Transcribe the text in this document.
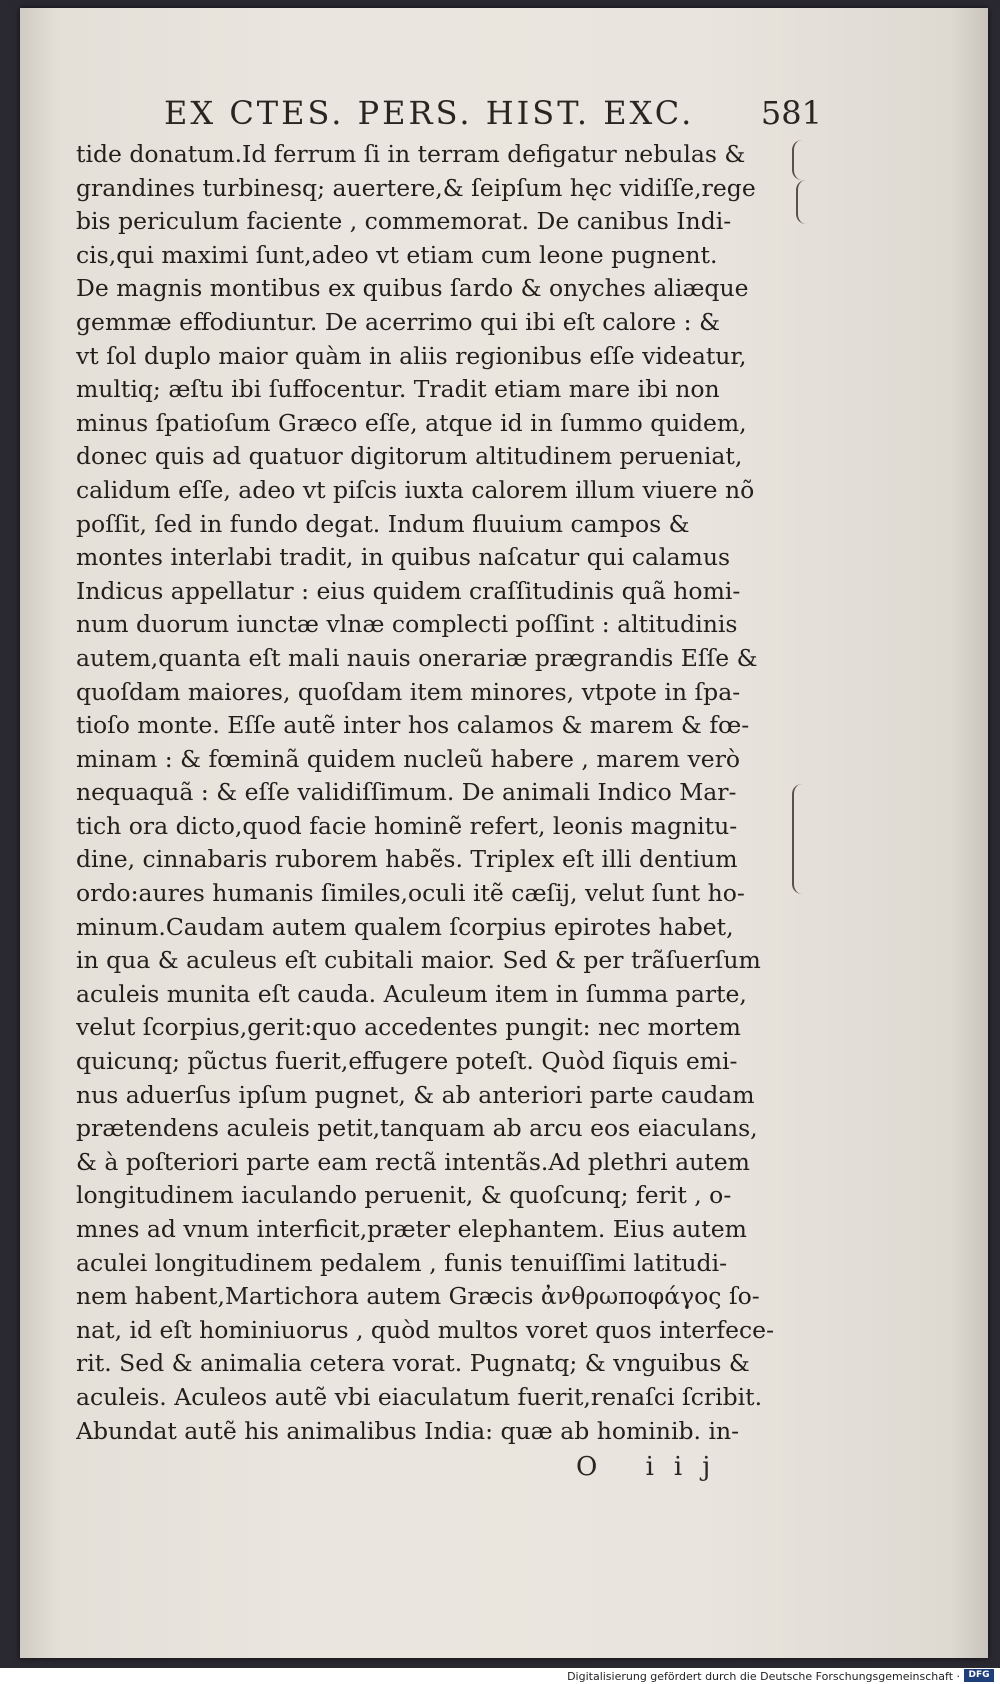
EX CTES. PERS. HIST. EXC. 581
tide donatum.Id ferrum ſi in terram defigatur nebulas &
grandines turbinesq; auertere,& ſeipſum hęc vidiſſe,rege
bis periculum faciente , commemorat. De canibus Indi-
cis,qui maximi ſunt,adeo vt etiam cum leone pugnent.
De magnis montibus ex quibus ſardo & onyches aliæque
gemmæ effodiuntur. De acerrimo qui ibi eſt calore : &
vt ſol duplo maior quàm in aliis regionibus eſſe videatur,
multiq; æſtu ibi ſuffocentur. Tradit etiam mare ibi non
minus ſpatioſum Græco eſſe, atque id in ſummo quidem,
donec quis ad quatuor digitorum altitudinem perueniat,
calidum eſſe, adeo vt piſcis iuxta calorem illum viuere nõ
poſſit, ſed in fundo degat. Indum fluuium campos &
montes interlabi tradit, in quibus naſcatur qui calamus
Indicus appellatur : eius quidem craſſitudinis quã homi-
num duorum iunctæ vlnæ complecti poſſint : altitudinis
autem,quanta eſt mali nauis onerariæ prægrandis Eſſe &
quoſdam maiores, quoſdam item minores, vtpote in ſpa-
tioſo monte. Eſſe autẽ inter hos calamos & marem & fœ-
minam : & fœminã quidem nucleũ habere , marem verò
nequaquã : & eſſe validiſſimum. De animali Indico Mar-
tich ora dicto,quod facie hominẽ refert, leonis magnitu-
dine, cinnabaris ruborem habẽs. Triplex eſt illi dentium
ordo:aures humanis ſimiles,oculi itẽ cæſij, velut ſunt ho-
minum.Caudam autem qualem ſcorpius epirotes habet,
in qua & aculeus eſt cubitali maior. Sed & per trãſuerſum
aculeis munita eſt cauda. Aculeum item in ſumma parte,
velut ſcorpius,gerit:quo accedentes pungit: nec mortem
quicunq; pũctus fuerit,effugere poteſt. Quòd ſiquis emi-
nus aduerſus ipſum pugnet, & ab anteriori parte caudam
prætendens aculeis petit,tanquam ab arcu eos eiaculans,
& à poſteriori parte eam rectã intentãs.Ad plethri autem
longitudinem iaculando peruenit, & quoſcunq; ferit , o-
mnes ad vnum interficit,præter elephantem. Eius autem
aculei longitudinem pedalem , funis tenuiſſimi latitudi-
nem habent,Martichora autem Græcis ἀνθρωποφάγος ſo-
nat, id eſt hominiuorus , quòd multos voret quos interfece-
rit. Sed & animalia cetera vorat. Pugnatq; & vnguibus &
aculeis. Aculeos autẽ vbi eiaculatum fuerit,renaſci ſcribit.
Abundat autẽ his animalibus India: quæ ab hominib. in-
O iij
Digitalisierung gefördert durch die Deutsche Forschungsgemeinschaft · DFG
